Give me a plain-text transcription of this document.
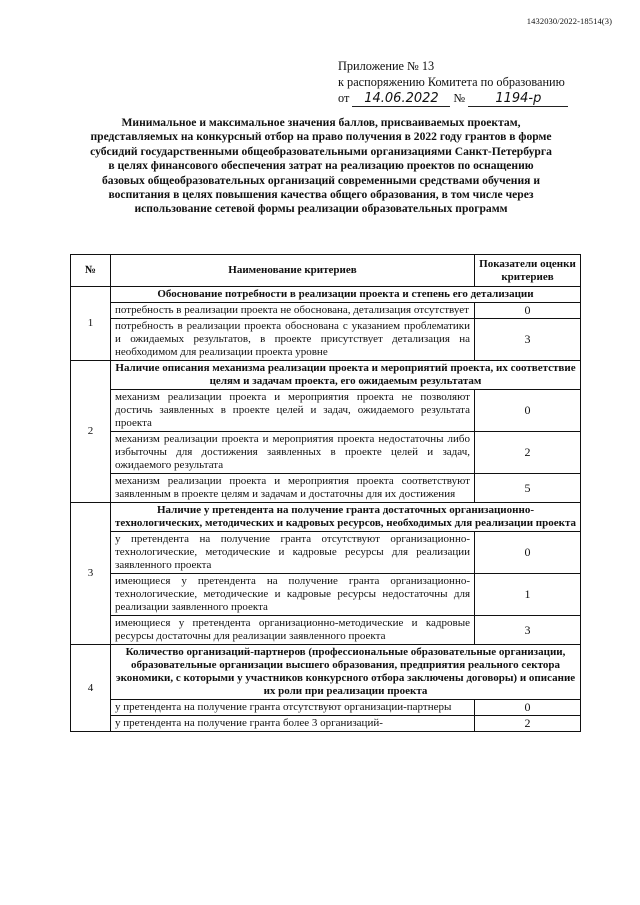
1432030/2022-18514(3)
Приложение № 13
к распоряжению Комитета по образованию
от 14.06.2022 № 1194-р
Минимальное и максимальное значения баллов, присваиваемых проектам, представляемых на конкурсный отбор на право получения в 2022 году грантов в форме субсидий государственными общеобразовательными организациями Санкт-Петербурга в целях финансового обеспечения затрат на реализацию проектов по оснащению базовых общеобразовательных организаций современными средствами обучения и воспитания в целях повышения качества общего образования, в том числе через использование сетевой формы реализации образовательных программ
№	Наименование критериев	Показатели оценки критериев
1	Обоснование потребности в реализации проекта и степень его детализации	
	потребность в реализации проекта не обоснована, детализация отсутствует	0
	потребность в реализации проекта обоснована с указанием проблематики и ожидаемых результатов, в проекте присутствует детализация на необходимом для реализации проекта уровне	3
2	Наличие описания механизма реализации проекта и мероприятий проекта, их соответствие целям и задачам проекта, его ожидаемым результатам	
	механизм реализации проекта и мероприятия проекта не позволяют достичь заявленных в проекте целей и задач, ожидаемого результата проекта	0
	механизм реализации проекта и мероприятия проекта недостаточны либо избыточны для достижения заявленных в проекте целей и задач, ожидаемого результата	2
	механизм реализации проекта и мероприятия проекта соответствуют заявленным в проекте целям и задачам и достаточны для их достижения	5
3	Наличие у претендента на получение гранта достаточных организационно-технологических, методических и кадровых ресурсов, необходимых для реализации проекта	
	у претендента на получение гранта отсутствуют организационно-технологические, методические и кадровые ресурсы для реализации заявленного проекта	0
	имеющиеся у претендента на получение гранта организационно-технологические, методические и кадровые ресурсы недостаточны для реализации заявленного проекта	1
	имеющиеся у претендента организационно-методические и кадровые ресурсы достаточны для реализации заявленного проекта	3
4	Количество организаций-партнеров (профессиональные образовательные организации, образовательные организации высшего образования, предприятия реального сектора экономики, с которыми у участников конкурсного отбора заключены договоры) и описание их роли при реализации проекта	
	у претендента на получение гранта отсутствуют организации-партнеры	0
	у претендента на получение гранта более 3 организаций-	2
